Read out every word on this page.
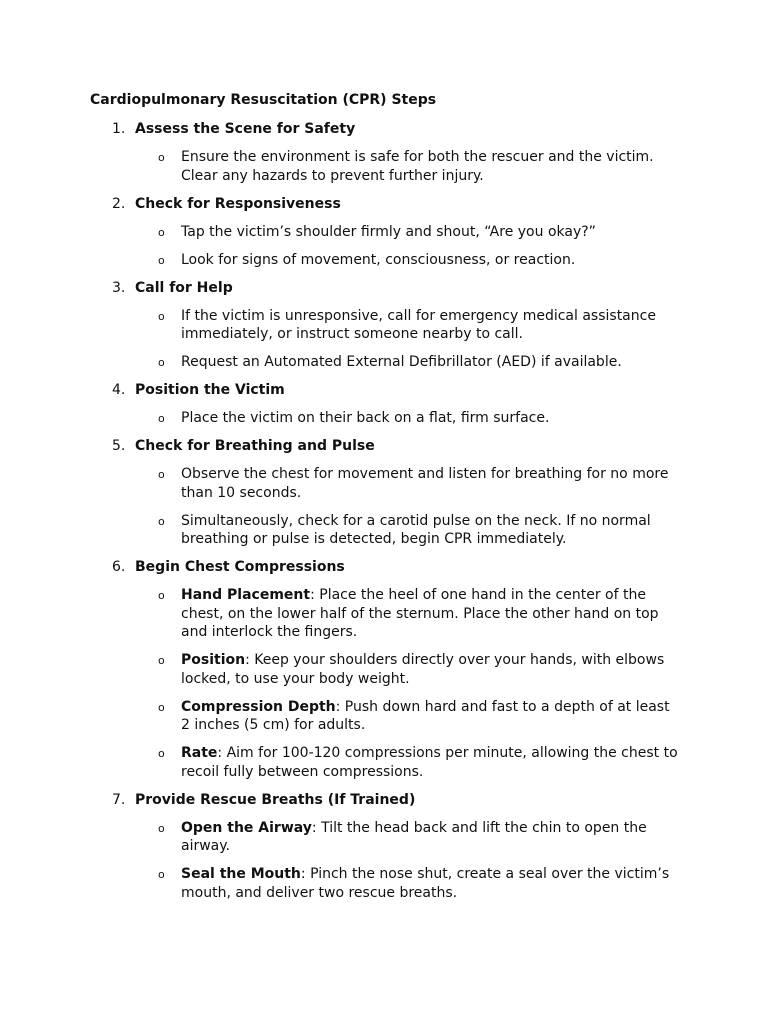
Cardiopulmonary Resuscitation (CPR) Steps
1. Assess the Scene for Safety
o Ensure the environment is safe for both the rescuer and the victim. Clear any hazards to prevent further injury.
2. Check for Responsiveness
o Tap the victim’s shoulder firmly and shout, “Are you okay?”
o Look for signs of movement, consciousness, or reaction.
3. Call for Help
o If the victim is unresponsive, call for emergency medical assistance immediately, or instruct someone nearby to call.
o Request an Automated External Defibrillator (AED) if available.
4. Position the Victim
o Place the victim on their back on a flat, firm surface.
5. Check for Breathing and Pulse
o Observe the chest for movement and listen for breathing for no more than 10 seconds.
o Simultaneously, check for a carotid pulse on the neck. If no normal breathing or pulse is detected, begin CPR immediately.
6. Begin Chest Compressions
o Hand Placement: Place the heel of one hand in the center of the chest, on the lower half of the sternum. Place the other hand on top and interlock the fingers.
o Position: Keep your shoulders directly over your hands, with elbows locked, to use your body weight.
o Compression Depth: Push down hard and fast to a depth of at least 2 inches (5 cm) for adults.
o Rate: Aim for 100-120 compressions per minute, allowing the chest to recoil fully between compressions.
7. Provide Rescue Breaths (If Trained)
o Open the Airway: Tilt the head back and lift the chin to open the airway.
o Seal the Mouth: Pinch the nose shut, create a seal over the victim’s mouth, and deliver two rescue breaths.
